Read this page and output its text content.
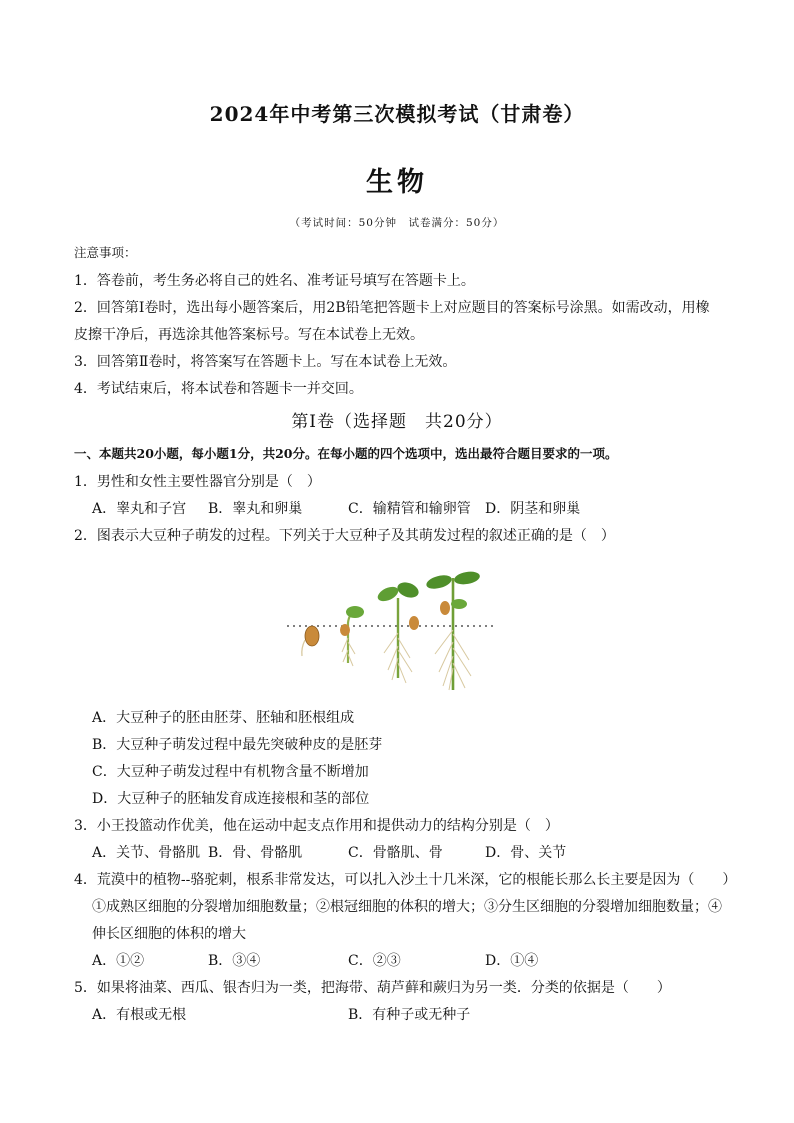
2024年中考第三次模拟考试（甘肃卷）
生物
（考试时间：50分钟　试卷满分：50分）
注意事项：
1．答卷前，考生务必将自己的姓名、准考证号填写在答题卡上。
2．回答第Ⅰ卷时，选出每小题答案后，用2B铅笔把答题卡上对应题目的答案标号涂黑。如需改动，用橡
皮擦干净后，再选涂其他答案标号。写在本试卷上无效。
3．回答第Ⅱ卷时，将答案写在答题卡上。写在本试卷上无效。
4．考试结束后，将本试卷和答题卡一并交回。
第Ⅰ卷（选择题　共20分）
一、本题共20小题，每小题1分，共20分。在每小题的四个选项中，选出最符合题目要求的一项。
1．男性和女性主要性器官分别是（　）
A．睾丸和子宫 B．睾丸和卵巢	C．输精管和输卵管 D．阴茎和卵巢
2．图表示大豆种子萌发的过程。下列关于大豆种子及其萌发过程的叙述正确的是（　）
A．大豆种子的胚由胚芽、胚轴和胚根组成
B．大豆种子萌发过程中最先突破种皮的是胚芽
C．大豆种子萌发过程中有机物含量不断增加
D．大豆种子的胚轴发育成连接根和茎的部位
3．小王投篮动作优美，他在运动中起支点作用和提供动力的结构分别是（　）
A．关节、骨骼肌 B．骨、骨骼肌	C．骨骼肌、骨	D．骨、关节
4．荒漠中的植物--骆驼刺，根系非常发达，可以扎入沙土十几米深，它的根能长那么长主要是因为（　　）
①成熟区细胞的分裂增加细胞数量；②根冠细胞的体积的增大；③分生区细胞的分裂增加细胞数量；④
伸长区细胞的体积的增大
A．①②	B．③④	C．②③	D．①④
5．如果将油菜、西瓜、银杏归为一类，把海带、葫芦藓和蕨归为另一类．分类的依据是（　　）
A．有根或无根	B．有种子或无种子
